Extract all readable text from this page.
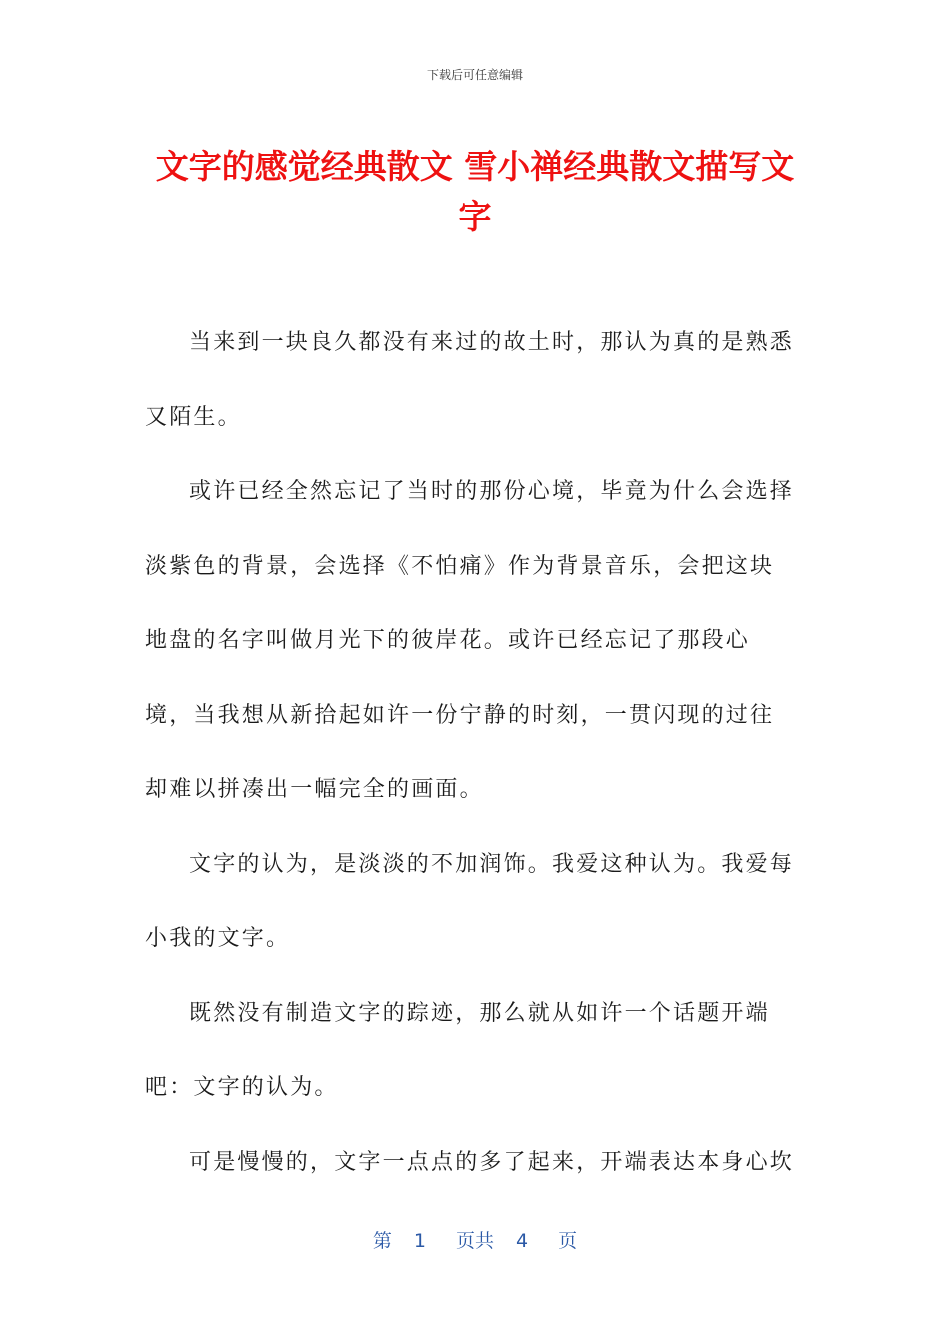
下载后可任意编辑
文字的感觉经典散文 雪小禅经典散文描写文字

当来到一块良久都没有来过的故土时，那认为真的是熟悉又陌生。

或许已经全然忘记了当时的那份心境，毕竟为什么会选择淡紫色的背景，会选择《不怕痛》作为背景音乐，会把这块地盘的名字叫做月光下的彼岸花。或许已经忘记了那段心境，当我想从新拾起如许一份宁静的时刻，一贯闪现的过往却难以拼凑出一幅完全的画面。

文字的认为，是淡淡的不加润饰。我爱这种认为。我爱每小我的文字。

既然没有制造文字的踪迹，那么就从如许一个话题开端吧：文字的认为。

可是慢慢的，文字一点点的多了起来，开端表达本身心坎

第 1 页共 4 页
